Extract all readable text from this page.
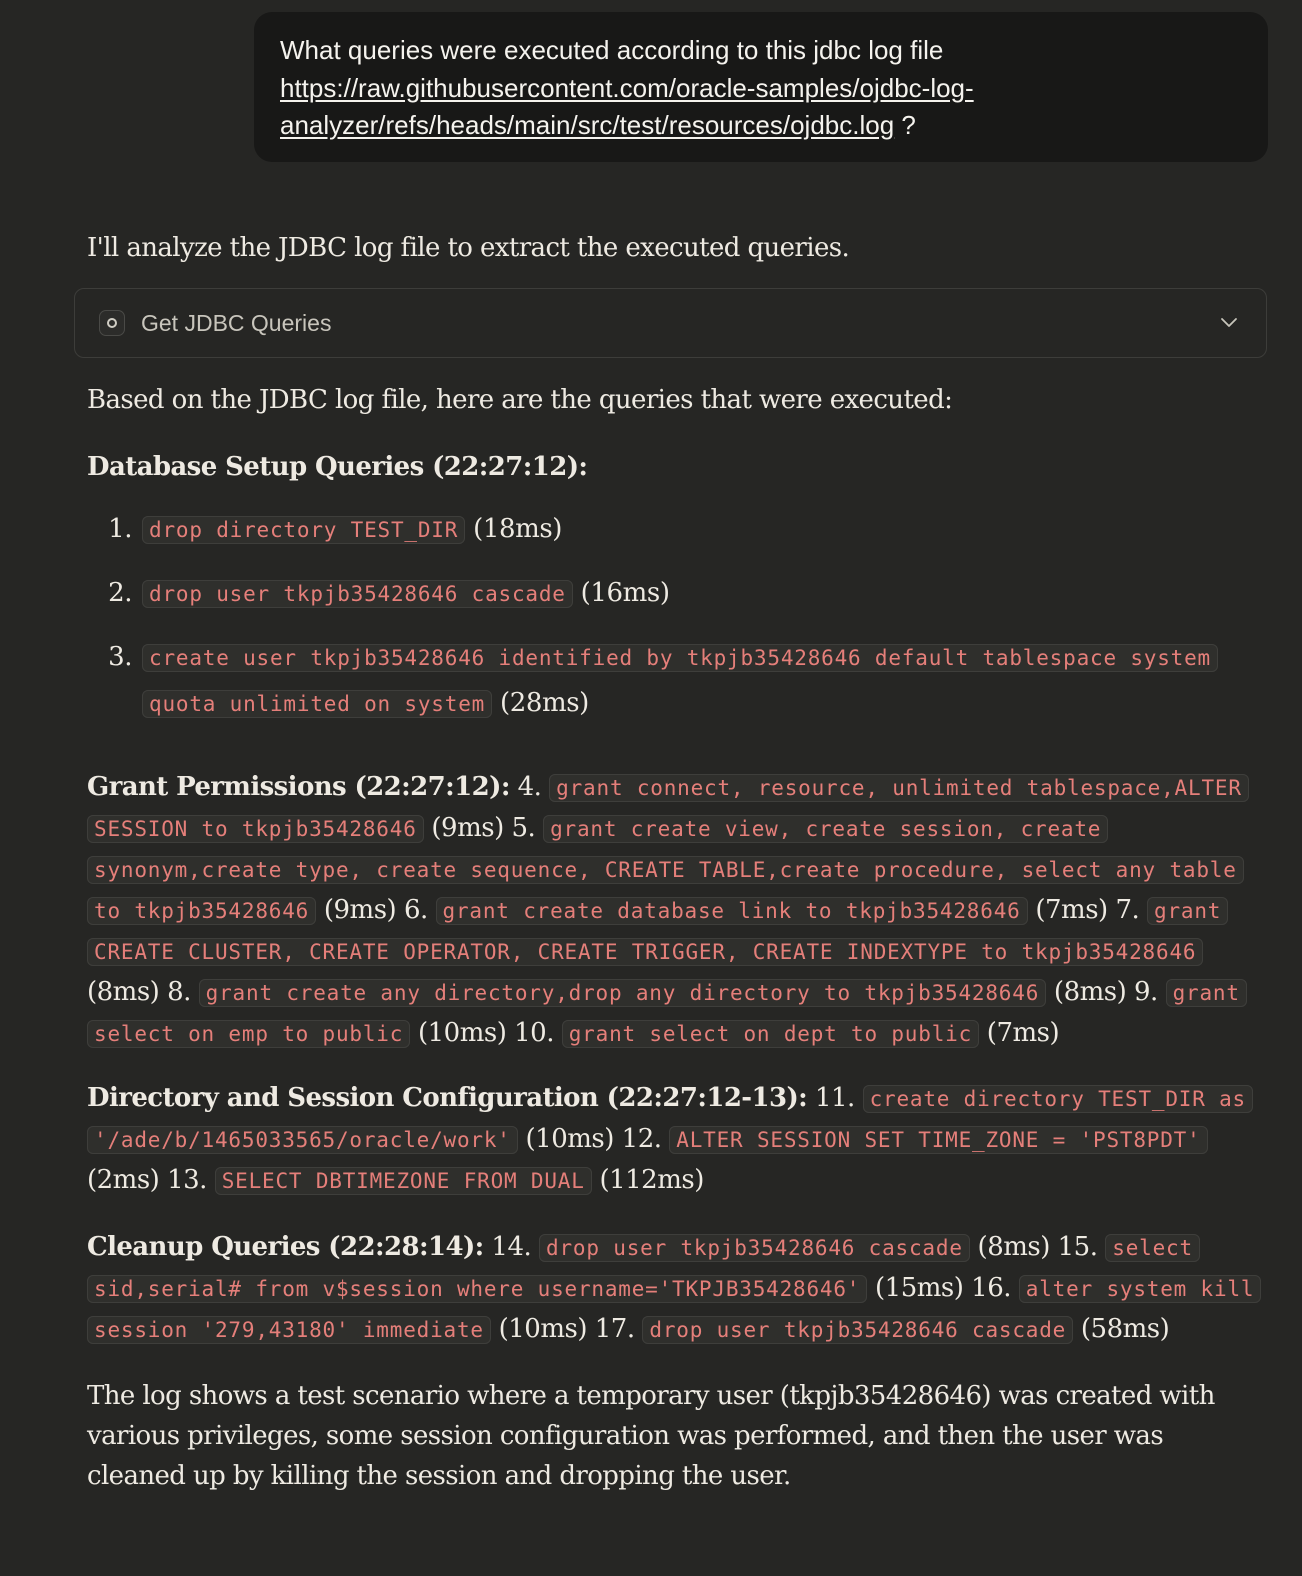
What queries were executed according to this jdbc log file
https://raw.githubusercontent.com/oracle-samples/ojdbc-log-analyzer/refs/heads/main/src/test/resources/ojdbc.log ?

I'll analyze the JDBC log file to extract the executed queries.

Get JDBC Queries

Based on the JDBC log file, here are the queries that were executed:

Database Setup Queries (22:27:12):
1. drop directory TEST_DIR (18ms)
2. drop user tkpjb35428646 cascade (16ms)
3. create user tkpjb35428646 identified by tkpjb35428646 default tablespace system quota unlimited on system (28ms)

Grant Permissions (22:27:12): 4. grant connect, resource, unlimited tablespace,ALTER SESSION to tkpjb35428646 (9ms) 5. grant create view, create session, create synonym,create type, create sequence, CREATE TABLE,create procedure, select any table to tkpjb35428646 (9ms) 6. grant create database link to tkpjb35428646 (7ms) 7. grant CREATE CLUSTER, CREATE OPERATOR, CREATE TRIGGER, CREATE INDEXTYPE to tkpjb35428646 (8ms) 8. grant create any directory,drop any directory to tkpjb35428646 (8ms) 9. grant select on emp to public (10ms) 10. grant select on dept to public (7ms)

Directory and Session Configuration (22:27:12-13): 11. create directory TEST_DIR as '/ade/b/1465033565/oracle/work' (10ms) 12. ALTER SESSION SET TIME_ZONE = 'PST8PDT' (2ms) 13. SELECT DBTIMEZONE FROM DUAL (112ms)

Cleanup Queries (22:28:14): 14. drop user tkpjb35428646 cascade (8ms) 15. select sid,serial# from v$session where username='TKPJB35428646' (15ms) 16. alter system kill session '279,43180' immediate (10ms) 17. drop user tkpjb35428646 cascade (58ms)

The log shows a test scenario where a temporary user (tkpjb35428646) was created with various privileges, some session configuration was performed, and then the user was cleaned up by killing the session and dropping the user.
